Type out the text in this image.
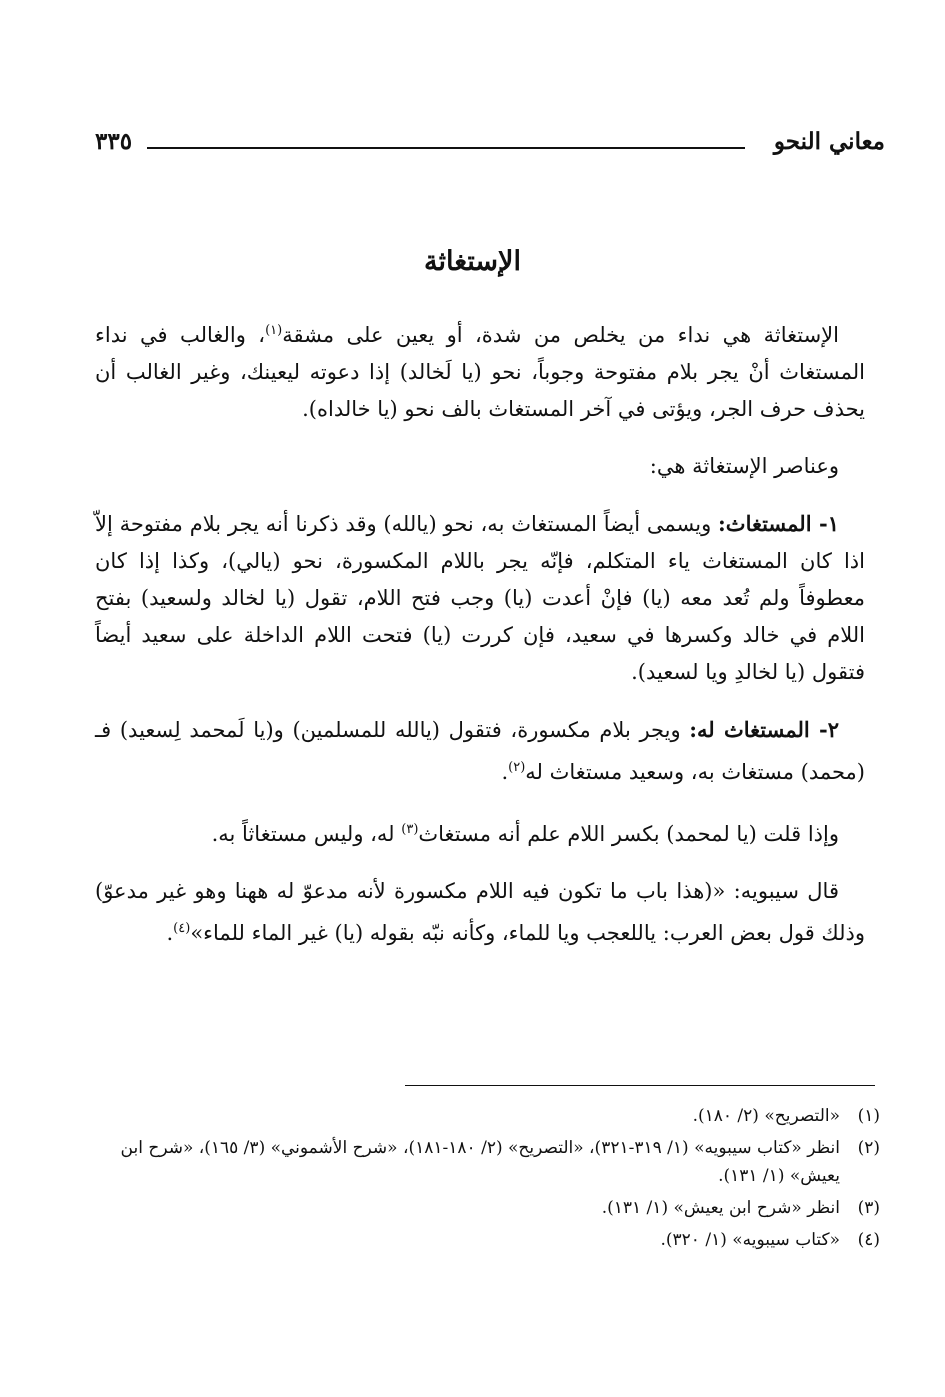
معاني النحو
٣٣٥
الإستغاثة

الإستغاثة هي نداء من يخلص من شدة، أو يعين على مشقة$^{(١)}$، والغالب في نداء المستغاث أنْ يجر بلام مفتوحة وجوباً، نحو (يا لَخالد) إذا دعوته ليعينك، وغير الغالب أن يحذف حرف الجر، ويؤتى في آخر المستغاث بالف نحو (يا خالداه).

وعناصر الإستغاثة هي:

١- المستغاث: ويسمى أيضاً المستغاث به، نحو (يالله) وقد ذكرنا أنه يجر بلام مفتوحة إلاّ اذا كان المستغاث ياء المتكلم، فإنّه يجر باللام المكسورة، نحو (يالي)، وكذا إذا كان معطوفاً ولم تُعد معه (يا) فإنْ أعدت (يا) وجب فتح اللام، تقول (يا لخالد ولسعيد) بفتح اللام في خالد وكسرها في سعيد، فإن كررت (يا) فتحت اللام الداخلة على سعيد أيضاً فتقول (يا لخالدِ ويا لسعيد).

٢- المستغاث له: ويجر بلام مكسورة، فتقول (يالله للمسلمين) و(يا لَمحمد لِسعيد) فـ (محمد) مستغاث به، وسعيد مستغاث له$^{(٢)}$.

وإذا قلت (يا لمحمد) بكسر اللام علم أنه مستغاث$^{(٣)}$ له، وليس مستغاثاً به.

قال سيبويه: «(هذا باب ما تكون فيه اللام مكسورة لأنه مدعوّ له ههنا وهو غير مدعوّ) وذلك قول بعض العرب: ياللعجب ويا للماء، وكأنه نبّه بقوله (يا) غير الماء للماء»$^{(٤)}$.

(١)
«التصريح» (٢/ ١٨٠).
(٢)
انظر «كتاب سيبويه» (١/ ٣١٩-٣٢١)، «التصريح» (٢/ ١٨٠-١٨١)، «شرح الأشموني» (٣/ ١٦٥)، «شرح ابن يعيش» (١/ ١٣١).
(٣)
انظر «شرح ابن يعيش» (١/ ١٣١).
(٤)
«كتاب سيبويه» (١/ ٣٢٠).
